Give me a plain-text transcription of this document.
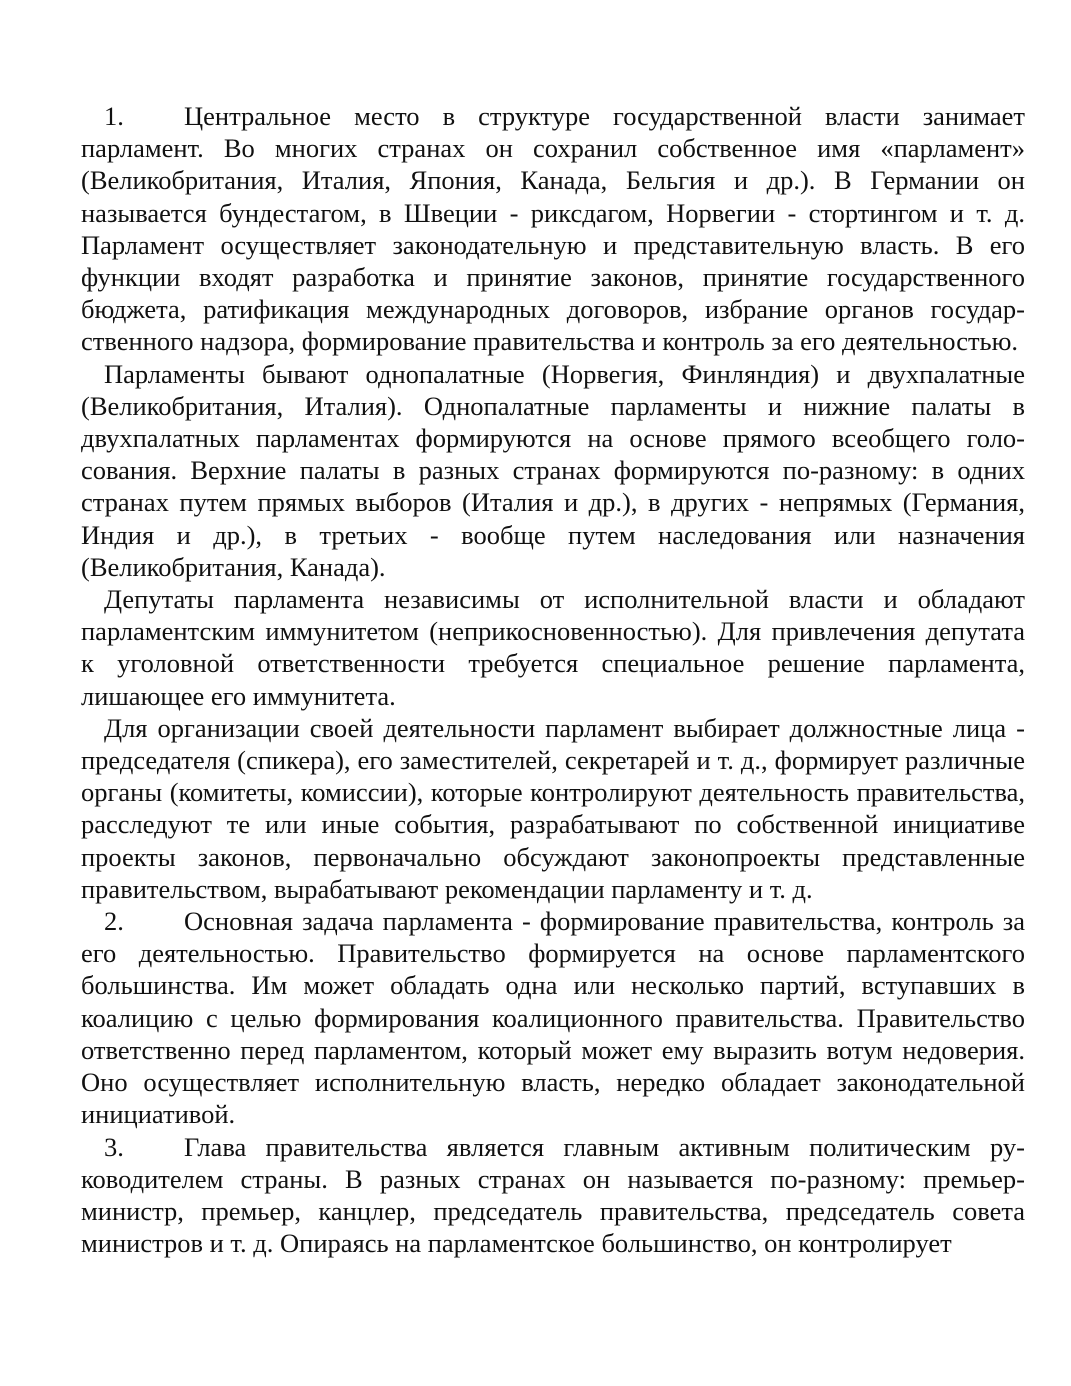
1. Центральное место в структуре государственной власти занимает парламент. Во многих странах он сохранил собственное имя «парламент» (Великобритания, Италия, Япония, Канада, Бельгия и др.). В Германии он называется бундестагом, в Швеции - риксдагом, Норвегии - стортингом и т. д. Парламент осуществляет законодательную и представительную власть. В его функции входят разработка и принятие законов, принятие государственного бюджета, ратификация международных договоров, избрание органов государственного надзора, формирование правительства и контроль за его деятельностью.

Парламенты бывают однопалатные (Норвегия, Финляндия) и двухпалатные (Великобритания, Италия). Однопалатные парламенты и нижние палаты в двухпалатных парламентах формируются на основе прямого всеобщего голосования. Верхние палаты в разных странах формируются по-разному: в одних странах путем прямых выборов (Италия и др.), в других - непрямых (Германия, Индия и др.), в третьих - вообще путем наследования или назначения (Великобритания, Канада).

Депутаты парламента независимы от исполнительной власти и обладают парламентским иммунитетом (неприкосновенностью). Для привлечения депутата к уголовной ответственности требуется специальное решение парламента, лишающее его иммунитета.

Для организации своей деятельности парламент выбирает должностные лица - председателя (спикера), его заместителей, секретарей и т. д., формирует различные органы (комитеты, комиссии), которые контролируют деятельность правительства, расследуют те или иные события, разрабатывают по собственной инициативе проекты законов, первоначально обсуждают законопроекты представленные правительством, вырабатывают рекомендации парламенту и т. д.

2. Основная задача парламента - формирование правительства, контроль за его деятельностью. Правительство формируется на основе парламентского большинства. Им может обладать одна или несколько партий, вступавших в коалицию с целью формирования коалиционного правительства. Правительство ответственно перед парламентом, который может ему выразить вотум недоверия. Оно осуществляет исполнительную власть, нередко обладает законодательной инициативой.

3. Глава правительства является главным активным политическим руководителем страны. В разных странах он называется по-разному: премьер-министр, премьер, канцлер, председатель правительства, председатель совета министров и т. д. Опираясь на парламентское большинство, он контролирует
